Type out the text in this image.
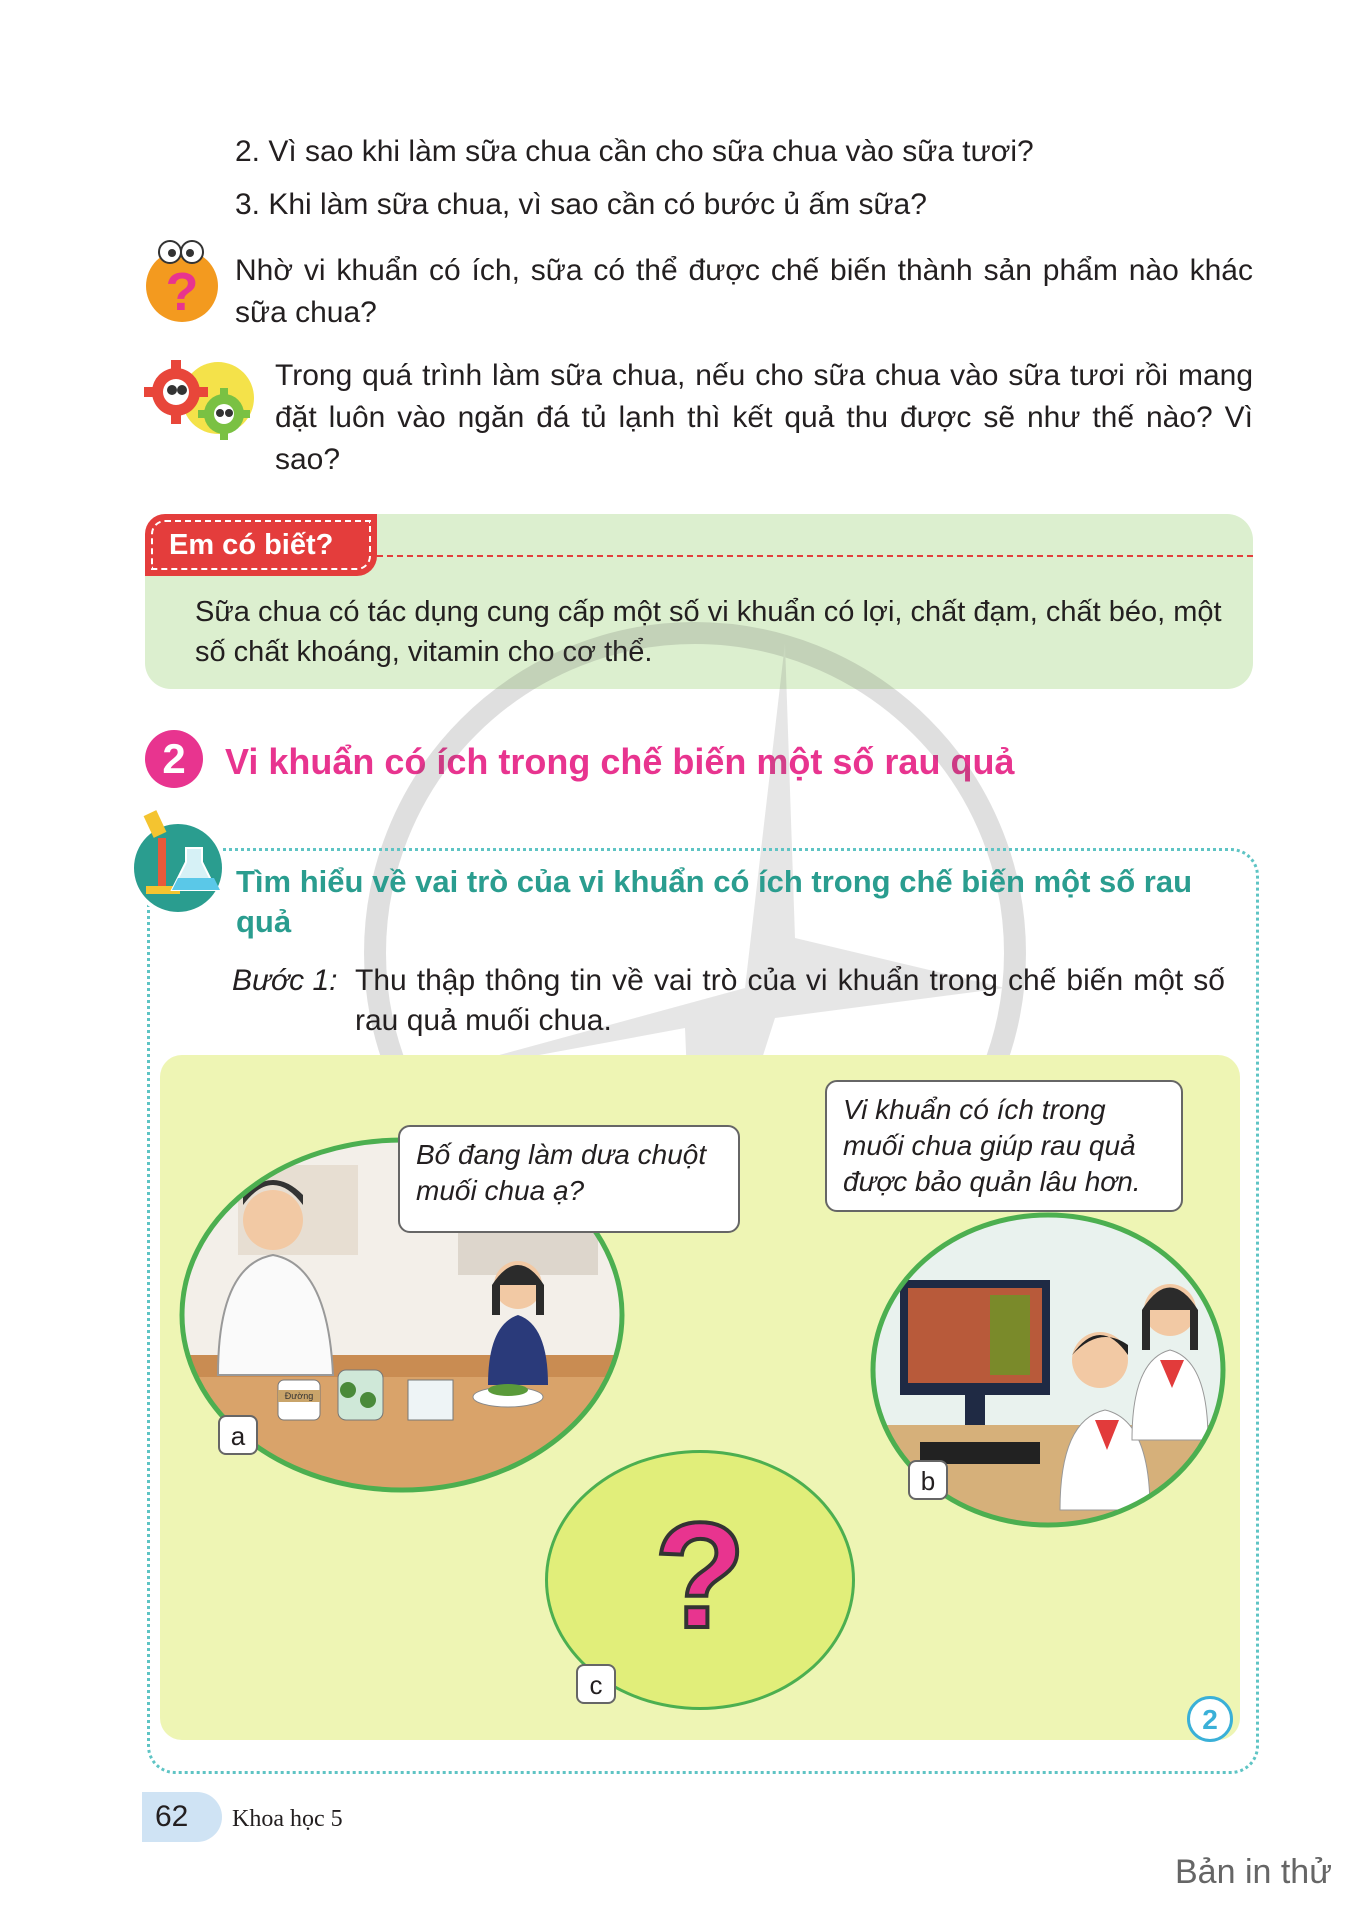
2. Vì sao khi làm sữa chua cần cho sữa chua vào sữa tươi?
3. Khi làm sữa chua, vì sao cần có bước ủ ấm sữa?
? Nhờ vi khuẩn có ích, sữa có thể được chế biến thành sản phẩm nào khác sữa chua?
Trong quá trình làm sữa chua, nếu cho sữa chua vào sữa tươi rồi mang đặt luôn vào ngăn đá tủ lạnh thì kết quả thu được sẽ như thế nào? Vì sao?
Em có biết?
Sữa chua có tác dụng cung cấp một số vi khuẩn có lợi, chất đạm, chất béo, một số chất khoáng, vitamin cho cơ thể.
2	Vi khuẩn có ích trong chế biến một số rau quả
Tìm hiểu về vai trò của vi khuẩn có ích trong chế biến một số rau quả
Bước 1: Thu thập thông tin về vai trò của vi khuẩn trong chế biến một số rau quả muối chua.
Đường
a
Bố đang làm dưa chuột muối chua ạ?
b
Vi khuẩn có ích trong muối chua giúp rau quả được bảo quản lâu hơn.
?
c
2
62 Khoa học 5
Bản in thử
